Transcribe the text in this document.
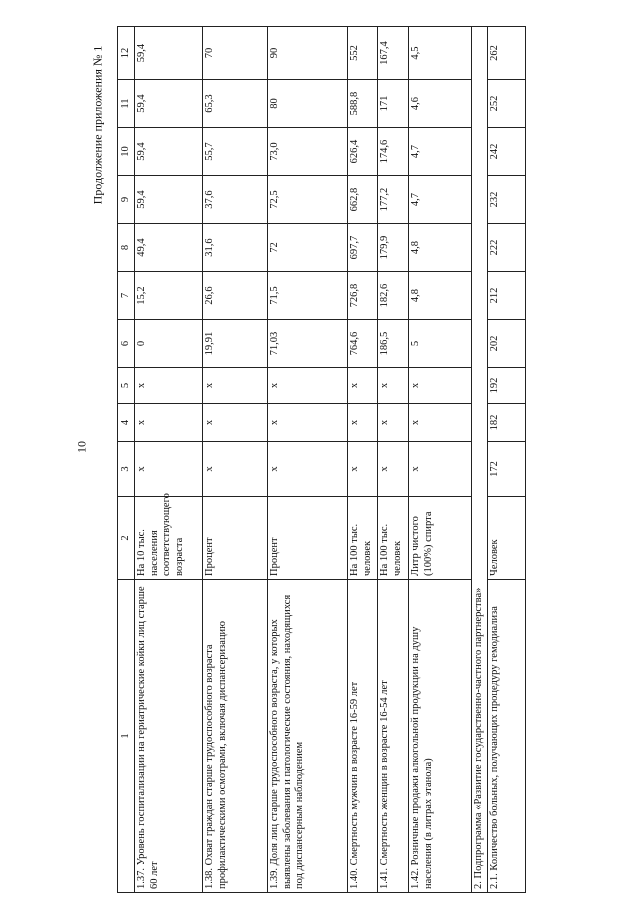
10
Продолжение приложения № 1
1	2	3	4	5	6	7	8	9	10	11	12
1.37. Уровень госпитализации на гериатрические койки лиц старше 60 лет	На 10 тыс. населения соответствующего возраста	х	х	х	0	15,2	49,4	59,4	59,4	59,4	59,4
1.38. Охват граждан старше трудоспособного возраста профилактическими осмотрами, включая диспансеризацию	Процент	х	х	х	19,91	26,6	31,6	37,6	55,7	65,3	70
1.39. Доля лиц старше трудоспособного возраста, у которых выявлены заболевания и патологические состояния, находящихся под диспансерным наблюдением	Процент	х	х	х	71,03	71,5	72	72,5	73,0	80	90
1.40. Смертность мужчин в возрасте 16-59 лет	На 100 тыс. человек	х	х	х	764,6	726,8	697,7	662,8	626,4	588,8	552
1.41. Смертность женщин в возрасте 16-54 лет	На 100 тыс. человек	х	х	х	186,5	182,6	179,9	177,2	174,6	171	167,4
1.42. Розничные продажи алкогольной продукции на душу населения (в литрах этанола)	Литр чистого (100%) спирта	х	х	х	5	4,8	4,8	4,7	4,7	4,6	4,5
2. Подпрограмма «Развитие государственно-частного партнерства»											
2.1. Количество больных, получающих процедуру гемодиализа	Человек	172	182	192	202	212	222	232	242	252	262
